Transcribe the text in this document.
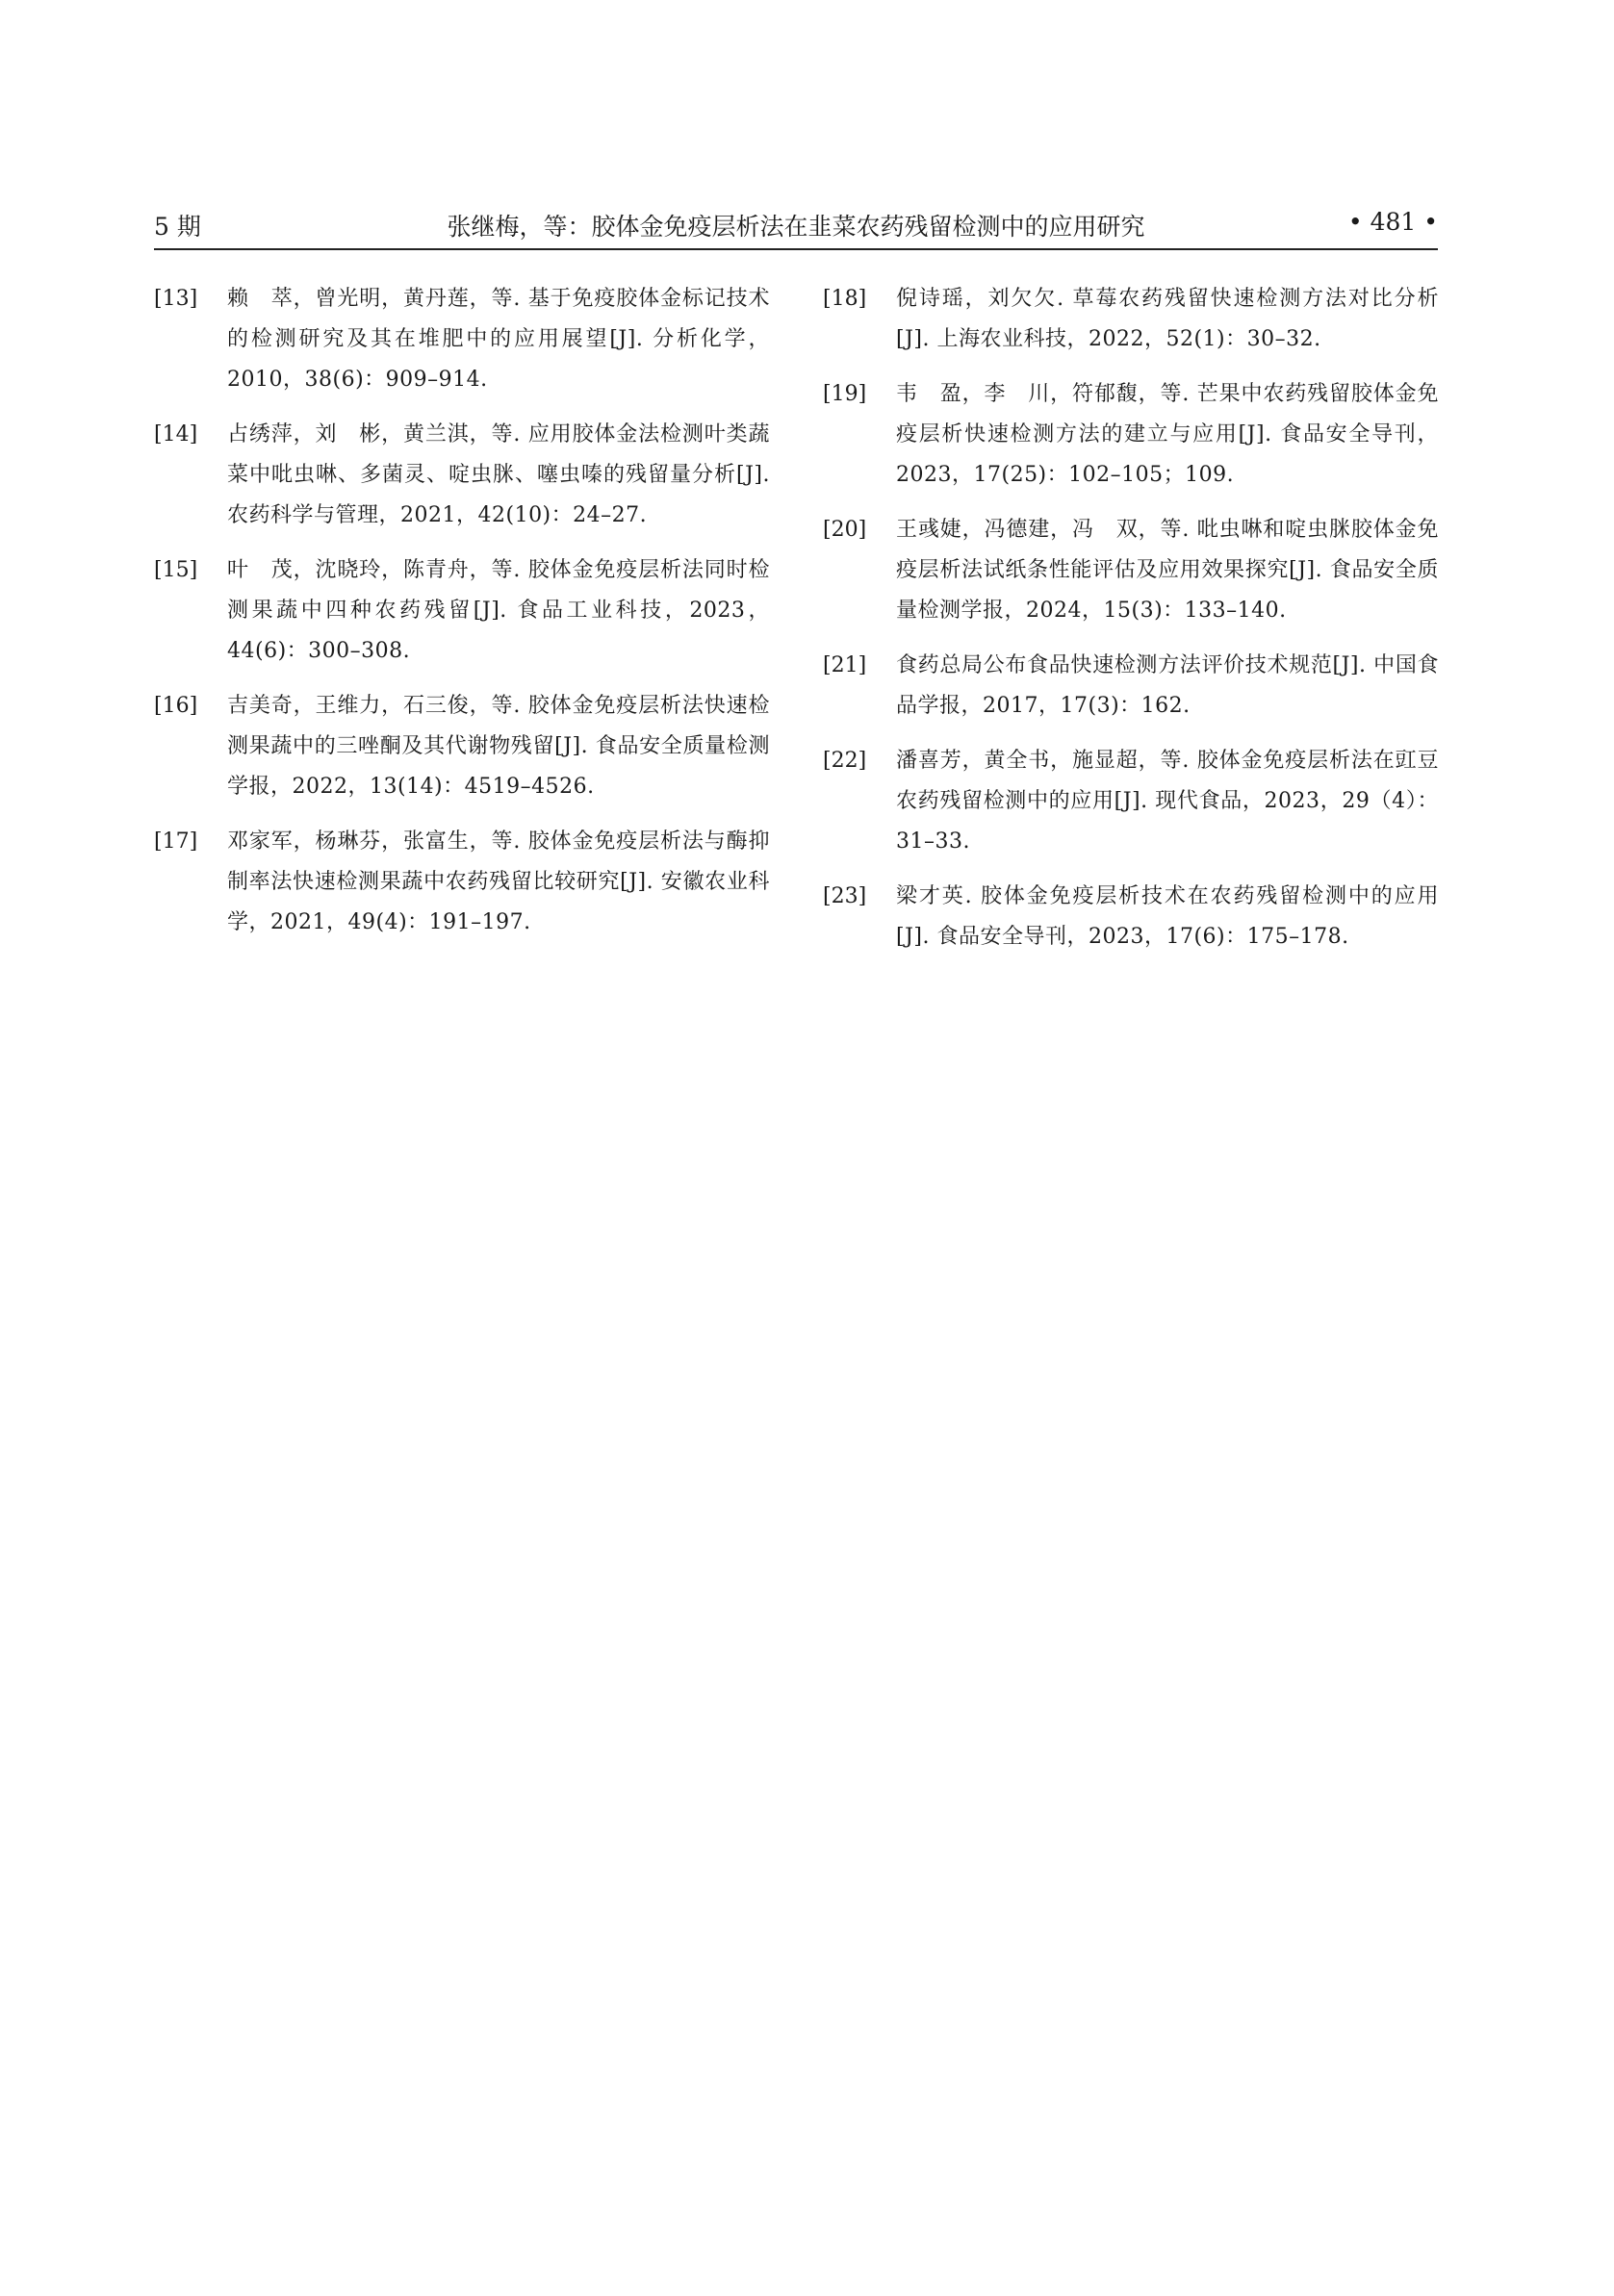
5 期	张继梅，等：胶体金免疫层析法在韭菜农药残留检测中的应用研究	• 481 •
[13] 赖　萃，曾光明，黄丹莲，等. 基于免疫胶体金标记技术的检测研究及其在堆肥中的应用展望[J]. 分析化学，2010，38(6)：909–914.
[14] 占绣萍，刘　彬，黄兰淇，等. 应用胶体金法检测叶类蔬菜中吡虫啉、多菌灵、啶虫脒、噻虫嗪的残留量分析[J]. 农药科学与管理，2021，42(10)：24–27.
[15] 叶　茂，沈晓玲，陈青舟，等. 胶体金免疫层析法同时检测果蔬中四种农药残留[J]. 食品工业科技，2023，44(6)：300–308.
[16] 吉美奇，王维力，石三俊，等. 胶体金免疫层析法快速检测果蔬中的三唑酮及其代谢物残留[J]. 食品安全质量检测学报，2022，13(14)：4519–4526.
[17] 邓家军，杨琳芬，张富生，等. 胶体金免疫层析法与酶抑制率法快速检测果蔬中农药残留比较研究[J]. 安徽农业科学，2021，49(4)：191–197.
[18] 倪诗瑶，刘欠欠. 草莓农药残留快速检测方法对比分析[J]. 上海农业科技，2022，52(1)：30–32.
[19] 韦　盈，李　川，符郁馥，等. 芒果中农药残留胶体金免疫层析快速检测方法的建立与应用[J]. 食品安全导刊，2023，17(25)：102–105；109.
[20] 王彧婕，冯德建，冯　双，等. 吡虫啉和啶虫脒胶体金免疫层析法试纸条性能评估及应用效果探究[J]. 食品安全质量检测学报，2024，15(3)：133–140.
[21] 食药总局公布食品快速检测方法评价技术规范[J]. 中国食品学报，2017，17(3)：162.
[22] 潘喜芳，黄全书，施显超，等. 胶体金免疫层析法在豇豆农药残留检测中的应用[J]. 现代食品，2023，29（4）：31–33.
[23] 梁才英. 胶体金免疫层析技术在农药残留检测中的应用[J]. 食品安全导刊，2023，17(6)：175–178.
